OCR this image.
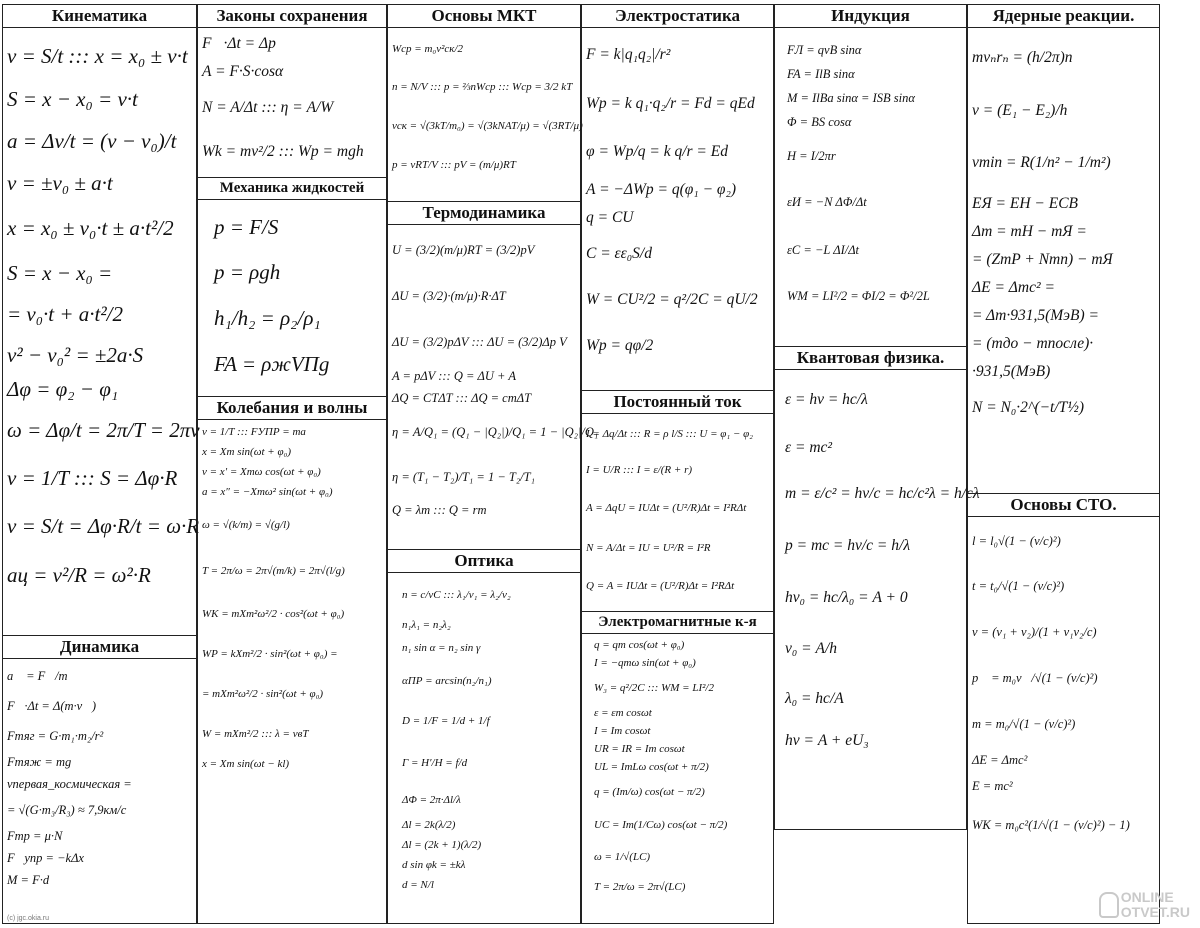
Кинематика
v = S/t ::: x = x₀ ± v·t
S = x − x₀ = v·t
a = Δv/t = (v − v₀)/t
v = ±v₀ ± a·t
x = x₀ ± v₀·t ± a·t²/2
S = x − x₀ =
= v₀·t + a·t²/2
v² − v₀² = ±2a·S
Δφ = φ₂ − φ₁
ω = Δφ/t = 2π/T = 2πν
ν = 1/T ::: S = Δφ·R
v = S/t = Δφ·R/t = ω·R
aц = v²/R = ω²·R
Динамика
a⃗ = F⃗/m
F⃗·Δt = Δ(m·v⃗)
Fтяг = G·m₁·m₂/r²
Fтяж = mg
vпервая_космическая =
= √(G·m₃/R₃) ≈ 7,9км/c
Fтр = μ·N
F⃗упр = −kΔx⃗
M = F·d
(c) jgc.okia.ru
Законы сохранения
F⃗·Δt = Δp⃗
A = F·S·cosα
N = A/Δt ::: η = A/W
Wk = mv²/2 ::: Wp = mgh
Механика жидкостей
p = F/S
p = ρgh
h₁/h₂ = ρ₂/ρ₁
FA = ρжVПg
Колебания и волны
ν = 1/T ::: FУПР = ma
x = Xm sin(ωt + φ₀)
v = x′ = Xmω cos(ωt + φ₀)
a = x″ = −Xmω² sin(ωt + φ₀)
ω = √(k/m) = √(g/l)
T = 2π/ω = 2π√(m/k) = 2π√(l/g)
WK = mXm²ω²/2 · cos²(ωt + φ₀)
WP = kXm²/2 · sin²(ωt + φ₀) =
= mXm²ω²/2 · sin²(ωt + φ₀)
W = mXm²/2 ::: λ = vвT
x = Xm sin(ωt − kl)
Основы МКТ
Wср = m₀v²ск/2
n = N/V ::: p = ⅔nWср ::: Wср = 3/2 kT
vск = √(3kT/m₀) = √(3kNAT/μ) = √(3RT/μ)
p = νRT/V ::: pV = (m/μ)RT
Термодинамика
U = (3/2)(m/μ)RT = (3/2)pV
ΔU = (3/2)·(m/μ)·R·ΔT
ΔU = (3/2)pΔV ::: ΔU = (3/2)Δp V
A = pΔV ::: Q = ΔU + A
ΔQ = CTΔT ::: ΔQ = cmΔT
η = A/Q₁ = (Q₁ − |Q₂|)/Q₁ = 1 − |Q₂|/Q₁
η = (T₁ − T₂)/T₁ = 1 − T₂/T₁
Q = λm ::: Q = rm
Оптика
n = c/vC ::: λ₁/ν₁ = λ₂/ν₂
n₁λ₁ = n₂λ₂
n₁ sin α = n₂ sin γ
αПР = arcsin(n₂/n₁)
D = 1/F = 1/d + 1/f
Γ = H′/H = f/d
ΔΦ = 2π·Δl/λ
Δl = 2k(λ/2)
Δl = (2k + 1)(λ/2)
d sin φk = ±kλ
d = N/l
Электростатика
F = k|q₁q₂|/r²
Wp = k q₁·q₂/r = Fd = qEd
φ = Wp/q = k q/r = Ed
A = −ΔWp = q(φ₁ − φ₂)
q = CU
C = εε₀S/d
W = CU²/2 = q²/2C = qU/2
Wp = qφ/2
Постоянный ток
I = Δq/Δt ::: R = ρ l/S ::: U = φ₁ − φ₂
I = U/R ::: I = ε/(R + r)
A = ΔqU = IUΔt = (U²/R)Δt = I²RΔt
N = A/Δt = IU = U²/R = I²R
Q = A = IUΔt = (U²/R)Δt = I²RΔt
Электромагнитные к-я
q = qm cos(ωt + φ₀)
I = −qmω sin(ωt + φ₀)
W₃ = q²/2C ::: WM = LI²/2
ε = εm cosωt
I = Im cosωt
UR = IR = Im cosωt
UL = ImLω cos(ωt + π/2)
q = (Im/ω) cos(ωt − π/2)
UC = Im(1/Cω) cos(ωt − π/2)
ω = 1/√(LC)
T = 2π/ω = 2π√(LC)
Индукция
FЛ = qvB sinα
FA = IlB sinα
M = IlBa sinα = ISB sinα
Φ = BS cosα
H = I/2πr
εИ = −N ΔΦ/Δt
εC = −L ΔI/Δt
WM = LI²/2 = ΦI/2 = Φ²/2L
Квантовая физика.
ε = hν = hc/λ
ε = mc²
m = ε/c² = hν/c = hc/c²λ = h/cλ
p = mc = hν/c = h/λ
hν₀ = hc/λ₀ = A + 0
ν₀ = A/h
λ₀ = hc/A
hν = A + eU₃
Ядерные реакции.
mνₙrₙ = (h/2π)n
ν = (E₁ − E₂)/h
νmin = R(1/n² − 1/m²)
EЯ = EН − EСВ
Δm = mН − mЯ =
= (ZmP + Nmn) − mЯ
ΔE = Δmc² =
= Δm·931,5(МэВ) =
= (mдо − mпосле)·
·931,5(МэВ)
N = N₀·2^(−t/T½)
Основы СТО.
l = l₀√(1 − (v/c)²)
t = t₀/√(1 − (v/c)²)
v = (v₁ + v₂)/(1 + v₁v₂/c)
p⃗ = m₀v⃗/√(1 − (v/c)²)
m = m₀/√(1 − (v/c)²)
ΔE = Δmc²
E = mc²
WK = m₀c²(1/√(1 − (v/c)²) − 1)
ONLINE
OTVET.RU
